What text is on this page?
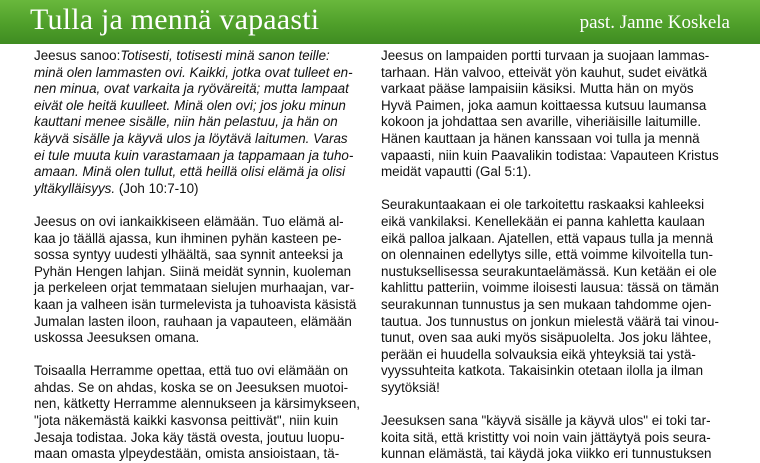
Tulla ja mennä vapaasti	past. Janne Koskela

Jeesus sanoo:Totisesti, totisesti minä sanon teille:
minä olen lammasten ovi. Kaikki, jotka ovat tulleet en-
nen minua, ovat varkaita ja ryöväreitä; mutta lampaat
eivät ole heitä kuulleet. Minä olen ovi; jos joku minun
kauttani menee sisälle, niin hän pelastuu, ja hän on
käyvä sisälle ja käyvä ulos ja löytävä laitumen. Varas
ei tule muuta kuin varastamaan ja tappamaan ja tuho-
amaan. Minä olen tullut, että heillä olisi elämä ja olisi
yltäkylläisyys. (Joh 10:7-10)

Jeesus on ovi iankaikkiseen elämään. Tuo elämä al-
kaa jo täällä ajassa, kun ihminen pyhän kasteen pe-
sossa syntyy uudesti ylhäältä, saa synnit anteeksi ja
Pyhän Hengen lahjan. Siinä meidät synnin, kuoleman
ja perkeleen orjat temmataan sielujen murhaajan, var-
kaan ja valheen isän turmelevista ja tuhoavista käsistä
Jumalan lasten iloon, rauhaan ja vapauteen, elämään
uskossa Jeesuksen omana.

Toisaalla Herramme opettaa, että tuo ovi elämään on
ahdas. Se on ahdas, koska se on Jeesuksen muotoi-
nen, kätketty Herramme alennukseen ja kärsimykseen,
"jota näkemästä kaikki kasvonsa peittivät", niin kuin
Jesaja todistaa. Joka käy tästä ovesta, joutuu luopu-
maan omasta ylpeydestään, omista ansioistaan, tä-

Jeesus on lampaiden portti turvaan ja suojaan lammas-
tarhaan. Hän valvoo, etteivät yön kauhut, sudet eivätkä
varkaat pääse lampaisiin käsiksi. Mutta hän on myös
Hyvä Paimen, joka aamun koittaessa kutsuu laumansa
kokoon ja johdattaa sen avarille, viheriäisille laitumille.
Hänen kauttaan ja hänen kanssaan voi tulla ja mennä
vapaasti, niin kuin Paavalikin todistaa: Vapauteen Kristus
meidät vapautti (Gal 5:1).

Seurakuntaakaan ei ole tarkoitettu raskaaksi kahleeksi
eikä vankilaksi. Kenellekään ei panna kahletta kaulaan
eikä palloa jalkaan. Ajatellen, että vapaus tulla ja mennä
on olennainen edellytys sille, että voimme kilvoitella tun-
nustuksellisessa seurakuntaelämässä. Kun ketään ei ole
kahlittu patteriin, voimme iloisesti lausua: tässä on tämän
seurakunnan tunnustus ja sen mukaan tahdomme ojen-
tautua. Jos tunnustus on jonkun mielestä väärä tai vinou-
tunut, oven saa auki myös sisäpuolelta. Jos joku lähtee,
perään ei huudella solvauksia eikä yhteyksiä tai ystä-
vyyssuhteita katkota. Takaisinkin otetaan ilolla ja ilman
syytöksiä!

Jeesuksen sana "käyvä sisälle ja käyvä ulos" ei toki tar-
koita sitä, että kristitty voi noin vain jättäytyä pois seura-
kunnan elämästä, tai käydä joka viikko eri tunnustuksen
